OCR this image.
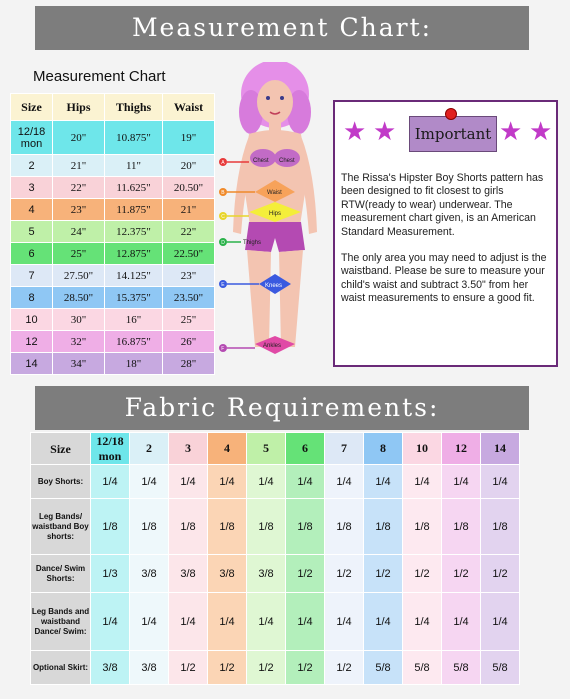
Measurement Chart:
Measurement Chart
Size	Hips	Thighs	Waist
12/18 mon	20"	10.875"	19"
2	21"	11"	20"
3	22"	11.625"	20.50"
4	23"	11.875"	21"
5	24"	12.375"	22"
6	25"	12.875"	22.50"
7	27.50"	14.125"	23"
8	28.50"	15.375"	23.50"
10	30"	16"	25"
12	32"	16.875"	26"
14	34"	18"	28"
Chest Chest
Waist
Hips
Thighs
Knees
Ankles
A
B
C
D
E
F
★ ★	Important ★ ★

The Rissa's Hipster Boy Shorts pattern has been designed to fit closest to girls RTW(ready to wear) underwear. The measurement chart given, is an American Standard Measurement.

The only area you may need to adjust is the waistband. Please be sure to measure your child's waist and subtract 3.50" from her waist measurements to ensure a good fit.

Fabric Requirements:
Size	12/18 mon	2	3	4	5	6	7	8	10	12	14
Boy Shorts:	1/4	1/4	1/4	1/4	1/4	1/4	1/4	1/4	1/4	1/4	1/4
Leg Bands/ waistband Boy shorts:	1/8	1/8	1/8	1/8	1/8	1/8	1/8	1/8	1/8	1/8	1/8
Dance/ Swim Shorts:	1/3	3/8	3/8	3/8	3/8	1/2	1/2	1/2	1/2	1/2	1/2
Leg Bands and waistband Dance/ Swim:	1/4	1/4	1/4	1/4	1/4	1/4	1/4	1/4	1/4	1/4	1/4
Optional Skirt:	3/8	3/8	1/2	1/2	1/2	1/2	1/2	5/8	5/8	5/8	5/8
